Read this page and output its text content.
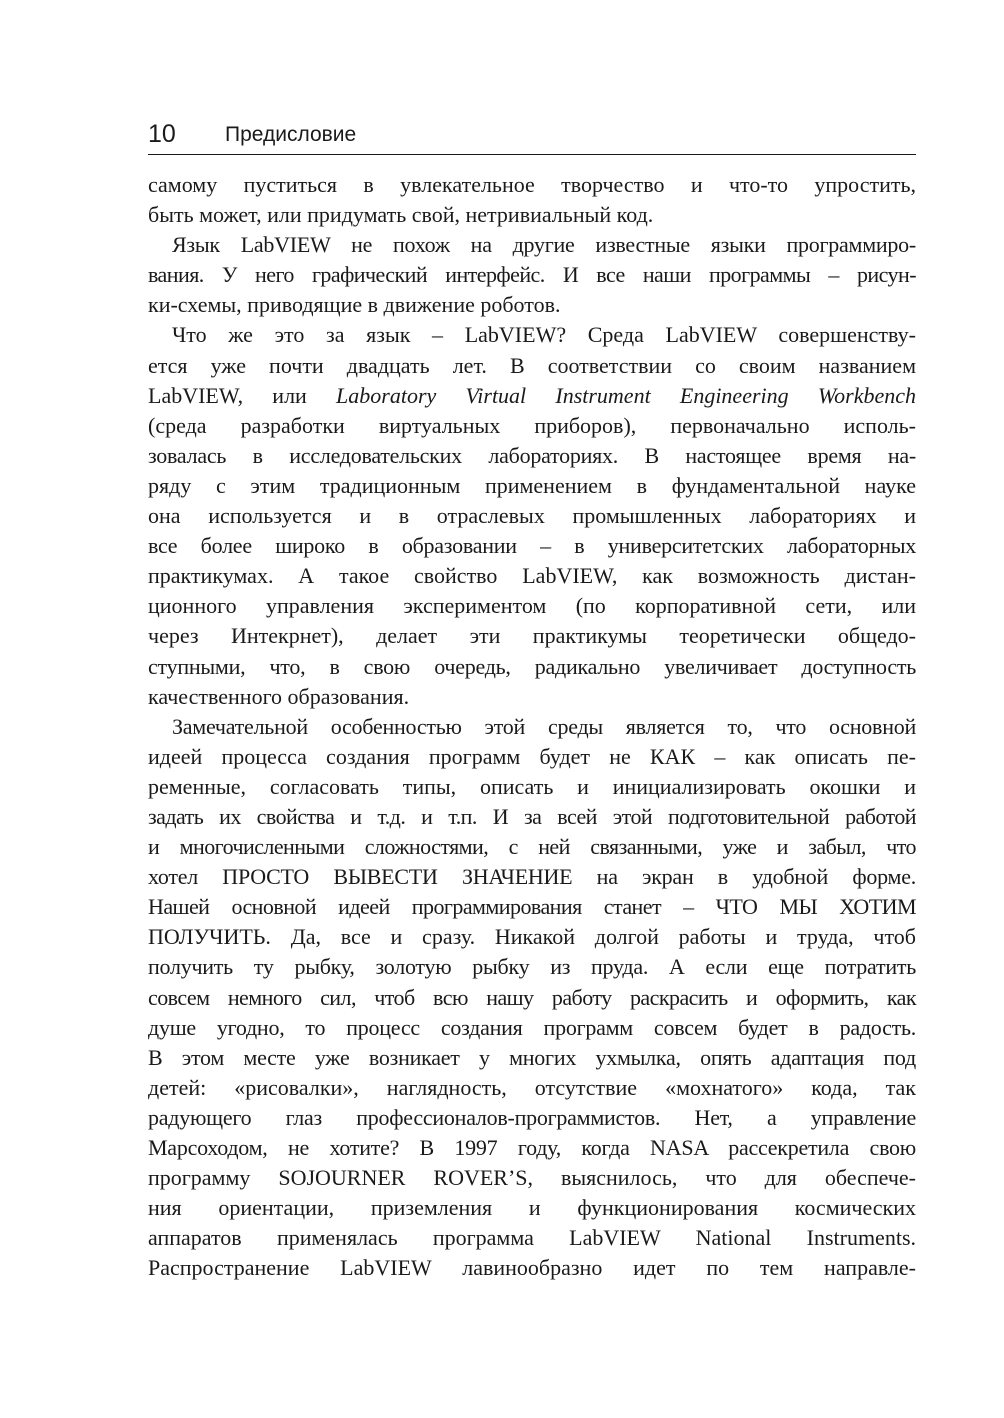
10 Предисловие
самому пуститься в увлекательное творчество и что-то упростить,
быть может, или придумать свой, нетривиальный код.
Язык LabVIEW не похож на другие известные языки программиро-
вания. У него графический интерфейс. И все наши программы – рисун-
ки-схемы, приводящие в движение роботов.
Что же это за язык – LabVIEW? Среда LabVIEW совершенству-
ется уже почти двадцать лет. В соответствии со своим названием
LabVIEW, или Laboratory Virtual Instrument Engineering Workbench
(среда разработки виртуальных приборов), первоначально исполь-
зовалась в исследовательских лабораториях. В настоящее время на-
ряду с этим традиционным применением в фундаментальной науке
она используется и в отраслевых промышленных лабораториях и
все более широко в образовании – в университетских лабораторных
практикумах. А такое свойство LabVIEW, как возможность дистан-
ционного управления экспериментом (по корпоративной сети, или
через Интекрнет), делает эти практикумы теоретически общедо-
ступными, что, в свою очередь, радикально увеличивает доступность
качественного образования.
Замечательной особенностью этой среды является то, что основной
идеей процесса создания программ будет не КАК – как описать пе-
ременные, согласовать типы, описать и инициализировать окошки и
задать их свойства и т.д. и т.п. И за всей этой подготовительной работой
и многочисленными сложностями, с ней связанными, уже и забыл, что
хотел ПРОСТО ВЫВЕСТИ ЗНАЧЕНИЕ на экран в удобной форме.
Нашей основной идеей программирования станет – ЧТО МЫ ХОТИМ
ПОЛУЧИТЬ. Да, все и сразу. Никакой долгой работы и труда, чтоб
получить ту рыбку, золотую рыбку из пруда. А если еще потратить
совсем немного сил, чтоб всю нашу работу раскрасить и оформить, как
душе угодно, то процесс создания программ совсем будет в радость.
В этом месте уже возникает у многих ухмылка, опять адаптация под
детей: «рисовалки», наглядность, отсутствие «мохнатого» кода, так
радующего глаз профессионалов-программистов. Нет, а управление
Марсоходом, не хотите? В 1997 году, когда NASA рассекретила свою
программу SOJOURNER ROVER’S, выяснилось, что для обеспече-
ния ориентации, приземления и функционирования космических
аппаратов применялась программа LabVIEW National Instruments.
Распространение LabVIEW лавинообразно идет по тем направле-
